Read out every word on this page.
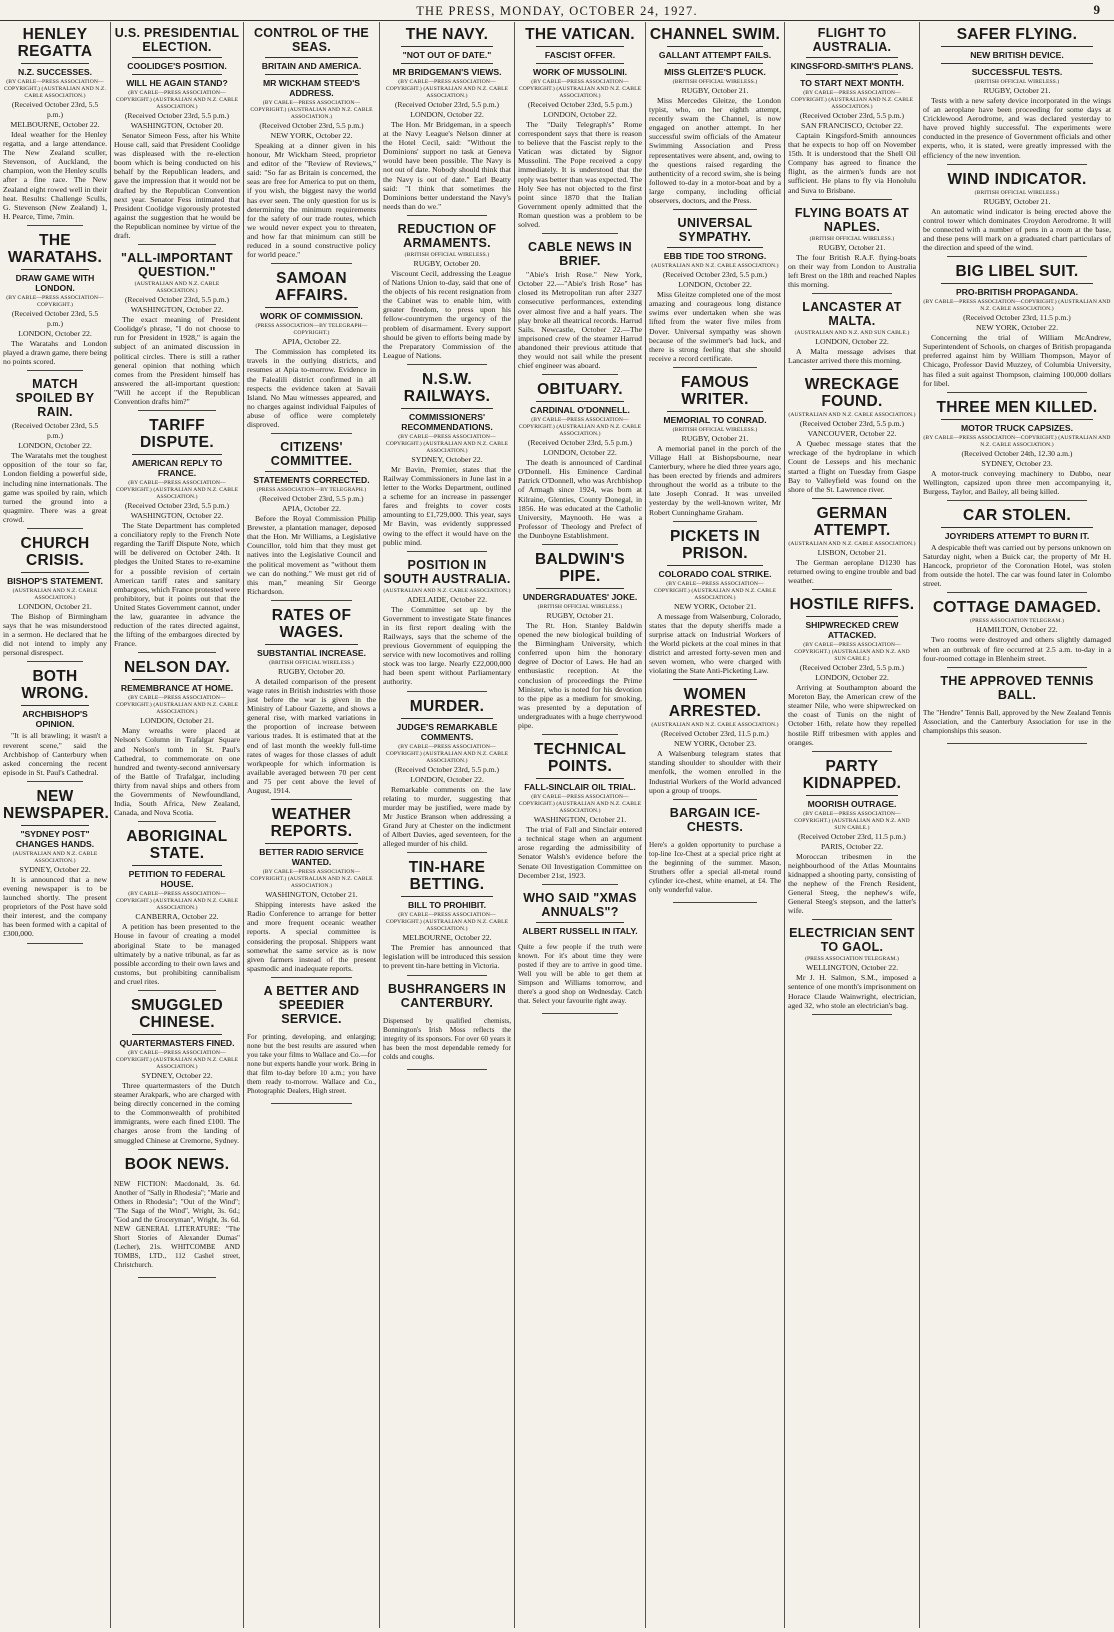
THE PRESS, MONDAY, OCTOBER 24, 1927.	9
HENLEY REGATTA
N.Z. SUCCESSES.
(BY CABLE—PRESS ASSOCIATION—COPYRIGHT.) (AUSTRALIAN AND N.Z. CABLE ASSOCIATION.)
(Received October 23rd, 5.5 p.m.)
MELBOURNE, October 22.

Ideal weather for the Henley regatta, and a large attendance. The New Zealand sculler, Stevenson, of Auckland, the champion, won the Henley sculls after a fine race. The New Zealand eight rowed well in their heat. Results: Challenge Sculls, G. Stevenson (New Zealand) 1, H. Pearce, Time, 7min.

THE WARATAHS.
DRAW GAME WITH LONDON.
(BY CABLE—PRESS ASSOCIATION—COPYRIGHT.)
(Received October 23rd, 5.5 p.m.)
LONDON, October 22.

The Waratahs and London played a drawn game, there being no points scored.

MATCH SPOILED BY RAIN.
(Received October 23rd, 5.5 p.m.)
LONDON, October 22.

The Waratahs met the toughest opposition of the tour so far, London fielding a powerful side, including nine internationals. The game was spoiled by rain, which turned the ground into a quagmire. There was a great crowd.

CHURCH CRISIS.
BISHOP'S STATEMENT.
(AUSTRALIAN AND N.Z. CABLE ASSOCIATION.)
LONDON, October 21.

The Bishop of Birmingham says that he was misunderstood in a sermon. He declared that he did not intend to imply any personal disrespect.

BOTH WRONG.
ARCHBISHOP'S OPINION.

"It is all brawling; it wasn't a reverent scene," said the Archbishop of Canterbury when asked concerning the recent episode in St. Paul's Cathedral.

NEW NEWSPAPER.
"SYDNEY POST" CHANGES HANDS.
(AUSTRALIAN AND N.Z. CABLE ASSOCIATION.)
SYDNEY, October 22.

It is announced that a new evening newspaper is to be launched shortly. The present proprietors of the Post have sold their interest, and the company has been formed with a capital of £300,000.

U.S. PRESIDENTIAL ELECTION.
COOLIDGE'S POSITION.
WILL HE AGAIN STAND?
(BY CABLE—PRESS ASSOCIATION—COPYRIGHT.) (AUSTRALIAN AND N.Z. CABLE ASSOCIATION.)
(Received October 23rd, 5.5 p.m.)
WASHINGTON, October 20.

Senator Simeon Fess, after his White House call, said that President Coolidge was displeased with the re-election boom which is being conducted on his behalf by the Republican leaders, and gave the impression that it would not be drafted by the Republican Convention next year. Senator Fess intimated that President Coolidge vigorously protested against the suggestion that he would be the Republican nominee by virtue of the draft.

"ALL-IMPORTANT QUESTION."
(AUSTRALIAN AND N.Z. CABLE ASSOCIATION.)
(Received October 23rd, 5.5 p.m.)
WASHINGTON, October 22.

The exact meaning of President Coolidge's phrase, "I do not choose to run for President in 1928," is again the subject of an animated discussion in political circles. There is still a rather general opinion that nothing which comes from the President himself has answered the all-important question: "Will he accept if the Republican Convention drafts him?"

TARIFF DISPUTE.
AMERICAN REPLY TO FRANCE.
(BY CABLE—PRESS ASSOCIATION—COPYRIGHT.) (AUSTRALIAN AND N.Z. CABLE ASSOCIATION.)
(Received October 23rd, 5.5 p.m.)
WASHINGTON, October 22.

The State Department has completed a conciliatory reply to the French Note regarding the Tariff Dispute Note, which will be delivered on October 24th. It pledges the United States to re-examine for a possible revision of certain American tariff rates and sanitary embargoes, which France protested were prohibitory, but it points out that the United States Government cannot, under the law, guarantee in advance the reduction of the rates directed against, the lifting of the embargoes directed by France.

NELSON DAY.
REMEMBRANCE AT HOME.
(BY CABLE—PRESS ASSOCIATION—COPYRIGHT.) (AUSTRALIAN AND N.Z. CABLE ASSOCIATION.)
LONDON, October 21.

Many wreaths were placed at Nelson's Column in Trafalgar Square and Nelson's tomb in St. Paul's Cathedral, to commemorate on one hundred and twenty-second anniversary of the Battle of Trafalgar, including thirty from naval ships and others from the Governments of Newfoundland, India, South Africa, New Zealand, Canada, and Nova Scotia.

ABORIGINAL STATE.
PETITION TO FEDERAL HOUSE.
(BY CABLE—PRESS ASSOCIATION—COPYRIGHT.) (AUSTRALIAN AND N.Z. CABLE ASSOCIATION.)
CANBERRA, October 22.

A petition has been presented to the House in favour of creating a model aboriginal State to be managed ultimately by a native tribunal, as far as possible according to their own laws and customs, but prohibiting cannibalism and cruel rites.

SMUGGLED CHINESE.
QUARTERMASTERS FINED.
(BY CABLE—PRESS ASSOCIATION—COPYRIGHT.) (AUSTRALIAN AND N.Z. CABLE ASSOCIATION.)
SYDNEY, October 22.

Three quartermasters of the Dutch steamer Arakpark, who are charged with being directly concerned in the coming to the Commonwealth of prohibited immigrants, were each fined £100. The charges arose from the landing of smuggled Chinese at Cremorne, Sydney.

BOOK NEWS.

NEW FICTION: Macdonald, 3s. 6d. Another of "Sally in Rhodesia"; "Marie and Others in Rhodesia"; "Out of the Wind"; "The Saga of the Wind", Wright, 3s. 6d.; "God and the Groceryman", Wright, 3s. 6d. NEW GENERAL LITERATURE: "The Short Stories of Alexander Dumas" (Lecher), 21s. WHITCOMBE AND TOMBS, LTD., 112 Cashel street, Christchurch.

CONTROL OF THE SEAS.
BRITAIN AND AMERICA.
MR WICKHAM STEED'S ADDRESS.
(BY CABLE—PRESS ASSOCIATION—COPYRIGHT.) (AUSTRALIAN AND N.Z. CABLE ASSOCIATION.)
(Received October 23rd, 5.5 p.m.)
NEW YORK, October 22.

Speaking at a dinner given in his honour, Mr Wickham Steed, proprietor and editor of the "Review of Reviews," said: "So far as Britain is concerned, the seas are free for America to put on them, if you wish, the biggest navy the world has ever seen. The only question for us is determining the minimum requirements for the safety of our trade routes, which we would never expect you to threaten, and how far that minimum can still be reduced in a sound constructive policy for world peace."

SAMOAN AFFAIRS.
WORK OF COMMISSION.
(PRESS ASSOCIATION—BY TELEGRAPH—COPYRIGHT.)
APIA, October 22.

The Commission has completed its travels in the outlying districts, and resumes at Apia to-morrow. Evidence in the Falealili district confirmed in all respects the evidence taken at Savaii Island. No Mau witnesses appeared, and no charges against individual Faipules of abuse of office were completely disproved.

CITIZENS' COMMITTEE.
STATEMENTS CORRECTED.
(PRESS ASSOCIATION—BY TELEGRAPH.)
(Received October 23rd, 5.5 p.m.)
APIA, October 22.

Before the Royal Commission Philip Brewster, a plantation manager, deposed that the Hon. Mr Williams, a Legislative Councillor, told him that they must get natives into the Legislative Council and the political movement as "without them we can do nothing." We must get rid of this man," meaning Sir George Richardson.

RATES OF WAGES.
SUBSTANTIAL INCREASE.
(BRITISH OFFICIAL WIRELESS.)
RUGBY, October 20.

A detailed comparison of the present wage rates in British industries with those just before the war is given in the Ministry of Labour Gazette, and shows a general rise, with marked variations in the proportion of increase between various trades. It is estimated that at the end of last month the weekly full-time rates of wages for those classes of adult workpeople for which information is available averaged between 70 per cent and 75 per cent above the level of August, 1914.

WEATHER REPORTS.
BETTER RADIO SERVICE WANTED.
(BY CABLE—PRESS ASSOCIATION—COPYRIGHT.) (AUSTRALIAN AND N.Z. CABLE ASSOCIATION.)
WASHINGTON, October 21.

Shipping interests have asked the Radio Conference to arrange for better and more frequent oceanic weather reports. A special committee is considering the proposal. Shippers want somewhat the same service as is now given farmers instead of the present spasmodic and inadequate reports.

A BETTER AND SPEEDIER SERVICE.

For printing, developing, and enlarging; none but the best results are assured when you take your films to Wallace and Co.—for none but experts handle your work. Bring in that film to-day before 10 a.m.; you have them ready to-morrow. Wallace and Co., Photographic Dealers, High street.

THE NAVY.
"NOT OUT OF DATE."
MR BRIDGEMAN'S VIEWS.
(BY CABLE—PRESS ASSOCIATION—COPYRIGHT.) (AUSTRALIAN AND N.Z. CABLE ASSOCIATION.)
(Received October 23rd, 5.5 p.m.)
LONDON, October 22.

The Hon. Mr Bridgeman, in a speech at the Navy League's Nelson dinner at the Hotel Cecil, said: "Without the Dominions' support no task at Geneva would have been possible. The Navy is not out of date. Nobody should think that the Navy is out of date." Earl Beatty said: "I think that sometimes the Dominions better understand the Navy's needs than do we."

REDUCTION OF ARMAMENTS.
(BRITISH OFFICIAL WIRELESS.)
RUGBY, October 20.

Viscount Cecil, addressing the League of Nations Union to-day, said that one of the objects of his recent resignation from the Cabinet was to enable him, with greater freedom, to press upon his fellow-countrymen the urgency of the problem of disarmament. Every support should be given to efforts being made by the Preparatory Commission of the League of Nations.

N.S.W. RAILWAYS.
COMMISSIONERS' RECOMMENDATIONS.
(BY CABLE—PRESS ASSOCIATION—COPYRIGHT.) (AUSTRALIAN AND N.Z. CABLE ASSOCIATION.)
SYDNEY, October 22.

Mr Bavin, Premier, states that the Railway Commissioners in June last in a letter to the Works Department, outlined a scheme for an increase in passenger fares and freights to cover costs amounting to £1,729,000. This year, says Mr Bavin, was evidently suppressed owing to the effect it would have on the public mind.

POSITION IN SOUTH AUSTRALIA.
(AUSTRALIAN AND N.Z. CABLE ASSOCIATION.)
ADELAIDE, October 22.

The Committee set up by the Government to investigate State finances in its first report dealing with the Railways, says that the scheme of the previous Government of equipping the service with new locomotives and rolling stock was too large. Nearly £22,000,000 had been spent without Parliamentary authority.

MURDER.
JUDGE'S REMARKABLE COMMENTS.
(BY CABLE—PRESS ASSOCIATION—COPYRIGHT.) (AUSTRALIAN AND N.Z. CABLE ASSOCIATION.)
(Received October 23rd, 5.5 p.m.)
LONDON, October 22.

Remarkable comments on the law relating to murder, suggesting that murder may be justified, were made by Mr Justice Branson when addressing a Grand Jury at Chester on the indictment of Albert Davies, aged seventeen, for the alleged murder of his child.

TIN-HARE BETTING.
BILL TO PROHIBIT.
(BY CABLE—PRESS ASSOCIATION—COPYRIGHT.) (AUSTRALIAN AND N.Z. CABLE ASSOCIATION.)
MELBOURNE, October 22.

The Premier has announced that legislation will be introduced this session to prevent tin-hare betting in Victoria.

BUSHRANGERS IN CANTERBURY.

Dispensed by qualified chemists, Bonnington's Irish Moss reflects the integrity of its sponsors. For over 60 years it has been the most dependable remedy for colds and coughs.

THE VATICAN.
FASCIST OFFER.
WORK OF MUSSOLINI.
(BY CABLE—PRESS ASSOCIATION—COPYRIGHT.) (AUSTRALIAN AND N.Z. CABLE ASSOCIATION.)
(Received October 23rd, 5.5 p.m.)
LONDON, October 22.

The "Daily Telegraph's" Rome correspondent says that there is reason to believe that the Fascist reply to the Vatican was dictated by Signor Mussolini. The Pope received a copy immediately. It is understood that the reply was better than was expected. The Holy See has not objected to the first point since 1870 that the Italian Government openly admitted that the Roman question was a problem to be solved.

CABLE NEWS IN BRIEF.

"Abie's Irish Rose." New York, October 22.—"Abie's Irish Rose" has closed its Metropolitan run after 2327 consecutive performances, extending over almost five and a half years. The play broke all theatrical records. Harrud Sails. Newcastle, October 22.—The imprisoned crew of the steamer Harrud abandoned their previous attitude that they would not sail while the present chief engineer was aboard.

OBITUARY.
CARDINAL O'DONNELL.
(BY CABLE—PRESS ASSOCIATION—COPYRIGHT.) (AUSTRALIAN AND N.Z. CABLE ASSOCIATION.)
(Received October 23rd, 5.5 p.m.)
LONDON, October 22.

The death is announced of Cardinal O'Donnell. His Eminence Cardinal Patrick O'Donnell, who was Archbishop of Armagh since 1924, was born at Kilraine, Glenties, County Donegal, in 1856. He was educated at the Catholic University, Maynooth. He was a Professor of Theology and Prefect of the Dunboyne Establishment.

BALDWIN'S PIPE.
UNDERGRADUATES' JOKE.
(BRITISH OFFICIAL WIRELESS.)
RUGBY, October 21.

The Rt. Hon. Stanley Baldwin opened the new biological building of the Birmingham University, which conferred upon him the honorary degree of Doctor of Laws. He had an enthusiastic reception. At the conclusion of proceedings the Prime Minister, who is noted for his devotion to the pipe as a medium for smoking, was presented by a deputation of undergraduates with a huge cherrywood pipe.

TECHNICAL POINTS.
FALL-SINCLAIR OIL TRIAL.
(BY CABLE—PRESS ASSOCIATION—COPYRIGHT.) (AUSTRALIAN AND N.Z. CABLE ASSOCIATION.)
WASHINGTON, October 21.

The trial of Fall and Sinclair entered a technical stage when an argument arose regarding the admissibility of Senator Walsh's evidence before the Senate Oil Investigation Committee on December 21st, 1923.

WHO SAID "XMAS ANNUALS"?
ALBERT RUSSELL IN ITALY.

Quite a few people if the truth were known. For it's about time they were posted if they are to arrive in good time. Well you will be able to get them at Simpson and Williams tomorrow, and there's a good shop on Wednesday. Catch that. Select your favourite right away.

CHANNEL SWIM.
GALLANT ATTEMPT FAILS.
MISS GLEITZE'S PLUCK.
(BRITISH OFFICIAL WIRELESS.)
RUGBY, October 21.

Miss Mercedes Gleitze, the London typist, who, on her eighth attempt, recently swam the Channel, is now engaged on another attempt. In her successful swim officials of the Amateur Swimming Association and Press representatives were absent, and, owing to the questions raised regarding the authenticity of a record swim, she is being followed to-day in a motor-boat and by a large company, including official observers, doctors, and the Press.

UNIVERSAL SYMPATHY.
EBB TIDE TOO STRONG.
(AUSTRALIAN AND N.Z. CABLE ASSOCIATION.)
(Received October 23rd, 5.5 p.m.)
LONDON, October 22.

Miss Gleitze completed one of the most amazing and courageous long distance swims ever undertaken when she was lifted from the water five miles from Dover. Universal sympathy was shown because of the swimmer's bad luck, and there is strong feeling that she should receive a record certificate.

FAMOUS WRITER.
MEMORIAL TO CONRAD.
(BRITISH OFFICIAL WIRELESS.)
RUGBY, October 21.

A memorial panel in the porch of the Village Hall at Bishopsbourne, near Canterbury, where he died three years ago, has been erected by friends and admirers throughout the world as a tribute to the late Joseph Conrad. It was unveiled yesterday by the well-known writer, Mr Robert Cunninghame Graham.

PICKETS IN PRISON.
COLORADO COAL STRIKE.
(BY CABLE—PRESS ASSOCIATION—COPYRIGHT.) (AUSTRALIAN AND N.Z. CABLE ASSOCIATION.)
NEW YORK, October 21.

A message from Walsenburg, Colorado, states that the deputy sheriffs made a surprise attack on Industrial Workers of the World pickets at the coal mines in that district and arrested forty-seven men and seven women, who were charged with violating the State Anti-Picketing Law.

WOMEN ARRESTED.
(AUSTRALIAN AND N.Z. CABLE ASSOCIATION.)
(Received October 23rd, 11.5 p.m.)
NEW YORK, October 23.

A Walsenburg telegram states that standing shoulder to shoulder with their menfolk, the women enrolled in the Industrial Workers of the World advanced upon a group of troops.

BARGAIN ICE-CHESTS.

Here's a golden opportunity to purchase a top-line Ice-Chest at a special price right at the beginning of the summer. Mason, Struthers offer a special all-metal round cylinder ice-chest, white enamel, at £4. The only wonderful value.

FLIGHT TO AUSTRALIA.
KINGSFORD-SMITH'S PLANS.
TO START NEXT MONTH.
(BY CABLE—PRESS ASSOCIATION—COPYRIGHT.) (AUSTRALIAN AND N.Z. CABLE ASSOCIATION.)
(Received October 23rd, 5.5 p.m.)
SAN FRANCISCO, October 22.

Captain Kingsford-Smith announces that he expects to hop off on November 15th. It is understood that the Shell Oil Company has agreed to finance the flight, as the airmen's funds are not sufficient. He plans to fly via Honolulu and Suva to Brisbane.

FLYING BOATS AT NAPLES.
(BRITISH OFFICIAL WIRELESS.)
RUGBY, October 21.

The four British R.A.F. flying-boats on their way from London to Australia left Brest on the 18th and reached Naples this morning.

LANCASTER AT MALTA.
(AUSTRALIAN AND N.Z. AND SUN CABLE.)
LONDON, October 22.

A Malta message advises that Lancaster arrived there this morning.

WRECKAGE FOUND.
(AUSTRALIAN AND N.Z. CABLE ASSOCIATION.)
(Received October 23rd, 5.5 p.m.)
VANCOUVER, October 22.

A Quebec message states that the wreckage of the hydroplane in which Count de Lesseps and his mechanic started a flight on Tuesday from Gaspe Bay to Valleyfield was found on the shore of the St. Lawrence river.

GERMAN ATTEMPT.
(AUSTRALIAN AND N.Z. CABLE ASSOCIATION.)
LISBON, October 21.

The German aeroplane D1230 has returned owing to engine trouble and bad weather.

HOSTILE RIFFS.
SHIPWRECKED CREW ATTACKED.
(BY CABLE—PRESS ASSOCIATION—COPYRIGHT.) (AUSTRALIAN AND N.Z. AND SUN CABLE.)
(Received October 23rd, 5.5 p.m.)
LONDON, October 22.

Arriving at Southampton aboard the Moreton Bay, the American crew of the steamer Nile, who were shipwrecked on the coast of Tunis on the night of October 16th, relate how they repelled hostile Riff tribesmen with apples and oranges.

PARTY KIDNAPPED.
MOORISH OUTRAGE.
(BY CABLE—PRESS ASSOCIATION—COPYRIGHT.) (AUSTRALIAN AND N.Z. AND SUN CABLE.)
(Received October 23rd, 11.5 p.m.)
PARIS, October 22.

Moroccan tribesmen in the neighbourhood of the Atlas Mountains kidnapped a shooting party, consisting of the nephew of the French Resident, General Steeg, the nephew's wife, General Steeg's stepson, and the latter's wife.

ELECTRICIAN SENT TO GAOL.
(PRESS ASSOCIATION TELEGRAM.)
WELLINGTON, October 22.

Mr J. H. Salmon, S.M., imposed a sentence of one month's imprisonment on Horace Claude Wainwright, electrician, aged 32, who stole an electrician's bag.

SAFER FLYING.
NEW BRITISH DEVICE.
SUCCESSFUL TESTS.
(BRITISH OFFICIAL WIRELESS.)
RUGBY, October 21.

Tests with a new safety device incorporated in the wings of an aeroplane have been proceeding for some days at Cricklewood Aerodrome, and was declared yesterday to have proved highly successful. The experiments were conducted in the presence of Government officials and other experts, who, it is stated, were greatly impressed with the efficiency of the new invention.

WIND INDICATOR.
(BRITISH OFFICIAL WIRELESS.)
RUGBY, October 21.

An automatic wind indicator is being erected above the control tower which dominates Croydon Aerodrome. It will be connected with a number of pens in a room at the base, and these pens will mark on a graduated chart particulars of the direction and speed of the wind.

BIG LIBEL SUIT.
PRO-BRITISH PROPAGANDA.
(BY CABLE—PRESS ASSOCIATION—COPYRIGHT.) (AUSTRALIAN AND N.Z. CABLE ASSOCIATION.)
(Received October 23rd, 11.5 p.m.)
NEW YORK, October 22.

Concerning the trial of William McAndrew, Superintendent of Schools, on charges of British propaganda preferred against him by William Thompson, Mayor of Chicago, Professor David Muzzey, of Columbia University, has filed a suit against Thompson, claiming 100,000 dollars for libel.

THREE MEN KILLED.
MOTOR TRUCK CAPSIZES.
(BY CABLE—PRESS ASSOCIATION—COPYRIGHT.) (AUSTRALIAN AND N.Z. CABLE ASSOCIATION.)
(Received October 24th, 12.30 a.m.)
SYDNEY, October 23.

A motor-truck conveying machinery to Dubbo, near Wellington, capsized upon three men accompanying it, Burgess, Taylor, and Bailey, all being killed.

CAR STOLEN.
JOYRIDERS ATTEMPT TO BURN IT.

A despicable theft was carried out by persons unknown on Saturday night, when a Buick car, the property of Mr H. Hancock, proprietor of the Coronation Hotel, was stolen from outside the hotel. The car was found later in Colombo street.

COTTAGE DAMAGED.
(PRESS ASSOCIATION TELEGRAM.)
HAMILTON, October 22.

Two rooms were destroyed and others slightly damaged when an outbreak of fire occurred at 2.5 a.m. to-day in a four-roomed cottage in Blenheim street.

THE APPROVED TENNIS BALL.

The "Hendre" Tennis Ball, approved by the New Zealand Tennis Association, and the Canterbury Association for use in the championships this season.
